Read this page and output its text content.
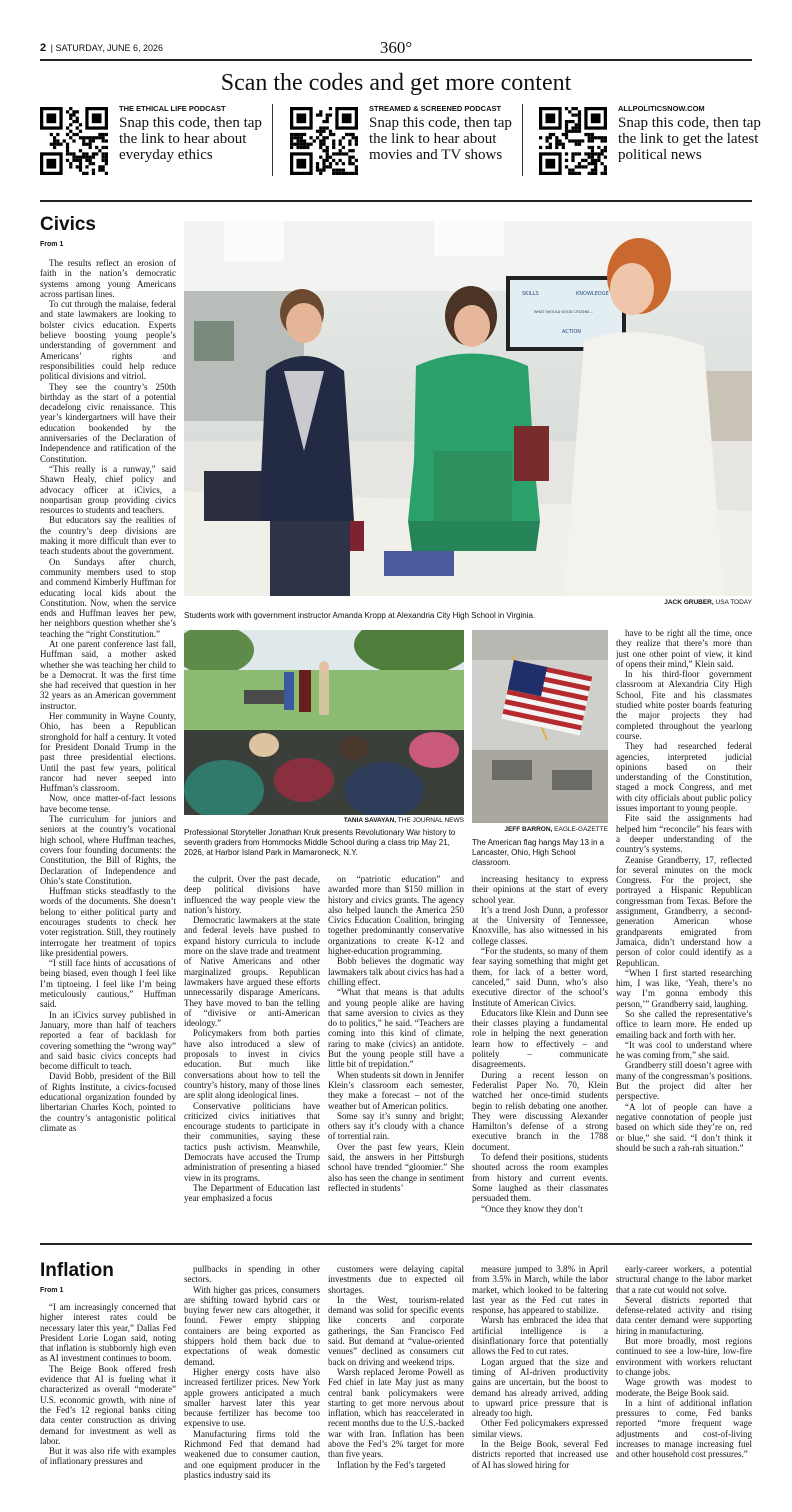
2 | SATURDAY, JUNE 6, 2026	360°
Scan the codes and get more content
THE ETHICAL LIFE PODCAST
Snap this code, then tap the link to hear about everyday ethics
STREAMED & SCREENED PODCAST
Snap this code, then tap the link to hear about movies and TV shows
ALLPOLITICSNOW.COM
Snap this code, then tap the link to get the latest political news
Civics
From 1

The results reflect an erosion of faith in the nation’s democratic systems among young Americans across partisan lines.

To cut through the malaise, federal and state lawmakers are looking to bolster civics education. Experts believe boosting young people’s understanding of government and Americans’ rights and responsibilities could help reduce political divisions and vitriol.

They see the country’s 250th birthday as the start of a potential decadelong civic renaissance. This year’s kindergartners will have their education bookended by the anniversaries of the Declaration of Independence and ratification of the Constitution.

“This really is a runway,” said Shawn Healy, chief policy and advocacy officer at iCivics, a nonpartisan group providing civics resources to students and teachers.

But educators say the realities of the country’s deep divisions are making it more difficult than ever to teach students about the government.

On Sundays after church, community members used to stop and commend Kimberly Huffman for educating local kids about the Constitution. Now, when the service ends and Huffman leaves her pew, her neighbors question whether she’s teaching the “right Constitution.”

At one parent conference last fall, Huffman said, a mother asked whether she was teaching her child to be a Democrat. It was the first time she had received that question in her 32 years as an American government instructor.

Her community in Wayne County, Ohio, has been a Republican stronghold for half a century. It voted for President Donald Trump in the past three presidential elections. Until the past few years, political rancor had never seeped into Huffman’s classroom.

Now, once matter-of-fact lessons have become tense.

The curriculum for juniors and seniors at the country’s vocational high school, where Huffman teaches, covers four founding documents: the Constitution, the Bill of Rights, the Declaration of Independence and Ohio’s state Constitution.

Huffman sticks steadfastly to the words of the documents. She doesn’t belong to either political party and encourages students to check her voter registration. Still, they routinely interrogate her treatment of topics like presidential powers.

“I still face hints of accusations of being biased, even though I feel like I’m tiptoeing. I feel like I’m being meticulously cautious,” Huffman said.

In an iCivics survey published in January, more than half of teachers reported a fear of backlash for covering something the “wrong way” and said basic civics concepts had become difficult to teach.

David Bobb, president of the Bill of Rights Institute, a civics-focused educational organization founded by libertarian Charles Koch, pointed to the country’s antagonistic political climate as

SKILLS	KNOWLEDGE
WHAT SHOULD GOOD CITIZENS...
ACTION
JACK GRUBER, USA TODAY
Students work with government instructor Amanda Kropp at Alexandria City High School in Virginia.
TANIA SAVAYAN, THE JOURNAL NEWS
Professional Storyteller Jonathan Kruk presents Revolutionary War history to seventh graders from Hommocks Middle School during a class trip May 21, 2026, at Harbor Island Park in Mamaroneck, N.Y.
JEFF BARRON, EAGLE-GAZETTE
The American flag hangs May 13 in a Lancaster, Ohio, High School classroom.

the culprit. Over the past decade, deep political divisions have influenced the way people view the nation’s history.

Democratic lawmakers at the state and federal levels have pushed to expand history curricula to include more on the slave trade and treatment of Native Americans and other marginalized groups. Republican lawmakers have argued these efforts unnecessarily disparage Americans. They have moved to ban the telling of “divisive or anti-American ideology.”

Policymakers from both parties have also introduced a slew of proposals to invest in civics education. But much like conversations about how to tell the country’s history, many of those lines are split along ideological lines.

Conservative politicians have criticized civics initiatives that encourage students to participate in their communities, saying these tactics push activism. Meanwhile, Democrats have accused the Trump administration of presenting a biased view in its programs.

The Department of Education last year emphasized a focus

on “patriotic education” and awarded more than $150 million in history and civics grants. The agency also helped launch the America 250 Civics Education Coalition, bringing together predominantly conservative organizations to create K-12 and higher-education programming.

Bobb believes the dogmatic way lawmakers talk about civics has had a chilling effect.

“What that means is that adults and young people alike are having that same aversion to civics as they do to politics,” he said. “Teachers are coming into this kind of climate, raring to make (civics) an antidote. But the young people still have a little bit of trepidation.”

When students sit down in Jennifer Klein’s classroom each semester, they make a forecast – not of the weather but of American politics.

Some say it’s sunny and bright; others say it’s cloudy with a chance of torrential rain.

Over the past few years, Klein said, the answers in her Pittsburgh school have trended “gloomier.” She also has seen the change in sentiment reflected in students’

increasing hesitancy to express their opinions at the start of every school year.

It’s a trend Josh Dunn, a professor at the University of Tennessee, Knoxville, has also witnessed in his college classes.

“For the students, so many of them fear saying something that might get them, for lack of a better word, canceled,” said Dunn, who’s also executive director of the school’s Institute of American Civics.

Educators like Klein and Dunn see their classes playing a fundamental role in helping the next generation learn how to effectively – and politely – communicate disagreements.

During a recent lesson on Federalist Paper No. 70, Klein watched her once-timid students begin to relish debating one another. They were discussing Alexander Hamilton’s defense of a strong executive branch in the 1788 document.

To defend their positions, students shouted across the room examples from history and current events. Some laughed as their classmates persuaded them.

“Once they know they don’t

have to be right all the time, once they realize that there’s more than just one other point of view, it kind of opens their mind,” Klein said.

In his third-floor government classroom at Alexandria City High School, Fite and his classmates studied white poster boards featuring the major projects they had completed throughout the yearlong course.

They had researched federal agencies, interpreted judicial opinions based on their understanding of the Constitution, staged a mock Congress, and met with city officials about public policy issues important to young people.

Fite said the assignments had helped him “reconcile” his fears with a deeper understanding of the country’s systems.

Zeanise Grandberry, 17, reflected for several minutes on the mock Congress. For the project, she portrayed a Hispanic Republican congressman from Texas. Before the assignment, Grandberry, a second-generation American whose grandparents emigrated from Jamaica, didn’t understand how a person of color could identify as a Republican.

“When I first started researching him, I was like, ‘Yeah, there’s no way I’m gonna embody this person,’” Grandberry said, laughing.

So she called the representative’s office to learn more. He ended up emailing back and forth with her.

“It was cool to understand where he was coming from,” she said.

Grandberry still doesn’t agree with many of the congressman’s positions. But the project did alter her perspective.

“A lot of people can have a negative connotation of people just based on which side they’re on, red or blue,” she said. “I don’t think it should be such a rah-rah situation.”

Inflation
From 1

“I am increasingly concerned that higher interest rates could be necessary later this year,” Dallas Fed President Lorie Logan said, noting that inflation is stubbornly high even as AI investment continues to boom.

The Beige Book offered fresh evidence that AI is fueling what it characterized as overall “moderate” U.S. economic growth, with nine of the Fed’s 12 regional banks citing data center construction as driving demand for investment as well as labor.

But it was also rife with examples of inflationary pressures and

pullbacks in spending in other sectors.

With higher gas prices, consumers are shifting toward hybrid cars or buying fewer new cars altogether, it found. Fewer empty shipping containers are being exported as shippers hold them back due to expectations of weak domestic demand.

Higher energy costs have also increased fertilizer prices. New York apple growers anticipated a much smaller harvest later this year because fertilizer has become too expensive to use.

Manufacturing firms told the Richmond Fed that demand had weakened due to consumer caution, and one equipment producer in the plastics industry said its

customers were delaying capital investments due to expected oil shortages.

In the West, tourism-related demand was solid for specific events like concerts and corporate gatherings, the San Francisco Fed said. But demand at “value-oriented venues” declined as consumers cut back on driving and weekend trips.

Warsh replaced Jerome Powell as Fed chief in late May just as many central bank policymakers were starting to get more nervous about inflation, which has reaccelerated in recent months due to the U.S.-backed war with Iran. Inflation has been above the Fed’s 2% target for more than five years.

Inflation by the Fed’s targeted

measure jumped to 3.8% in April from 3.5% in March, while the labor market, which looked to be faltering last year as the Fed cut rates in response, has appeared to stabilize.

Warsh has embraced the idea that artificial intelligence is a disinflationary force that potentially allows the Fed to cut rates.

Logan argued that the size and timing of AI-driven productivity gains are uncertain, but the boost to demand has already arrived, adding to upward price pressure that is already too high.

Other Fed policymakers expressed similar views.

In the Beige Book, several Fed districts reported that increased use of AI has slowed hiring for

early-career workers, a potential structural change to the labor market that a rate cut would not solve.

Several districts reported that defense-related activity and rising data center demand were supporting hiring in manufacturing.

But more broadly, most regions continued to see a low-hire, low-fire environment with workers reluctant to change jobs.

Wage growth was modest to moderate, the Beige Book said.

In a hint of additional inflation pressures to come, Fed banks reported “more frequent wage adjustments and cost-of-living increases to manage increasing fuel and other household cost pressures.”
